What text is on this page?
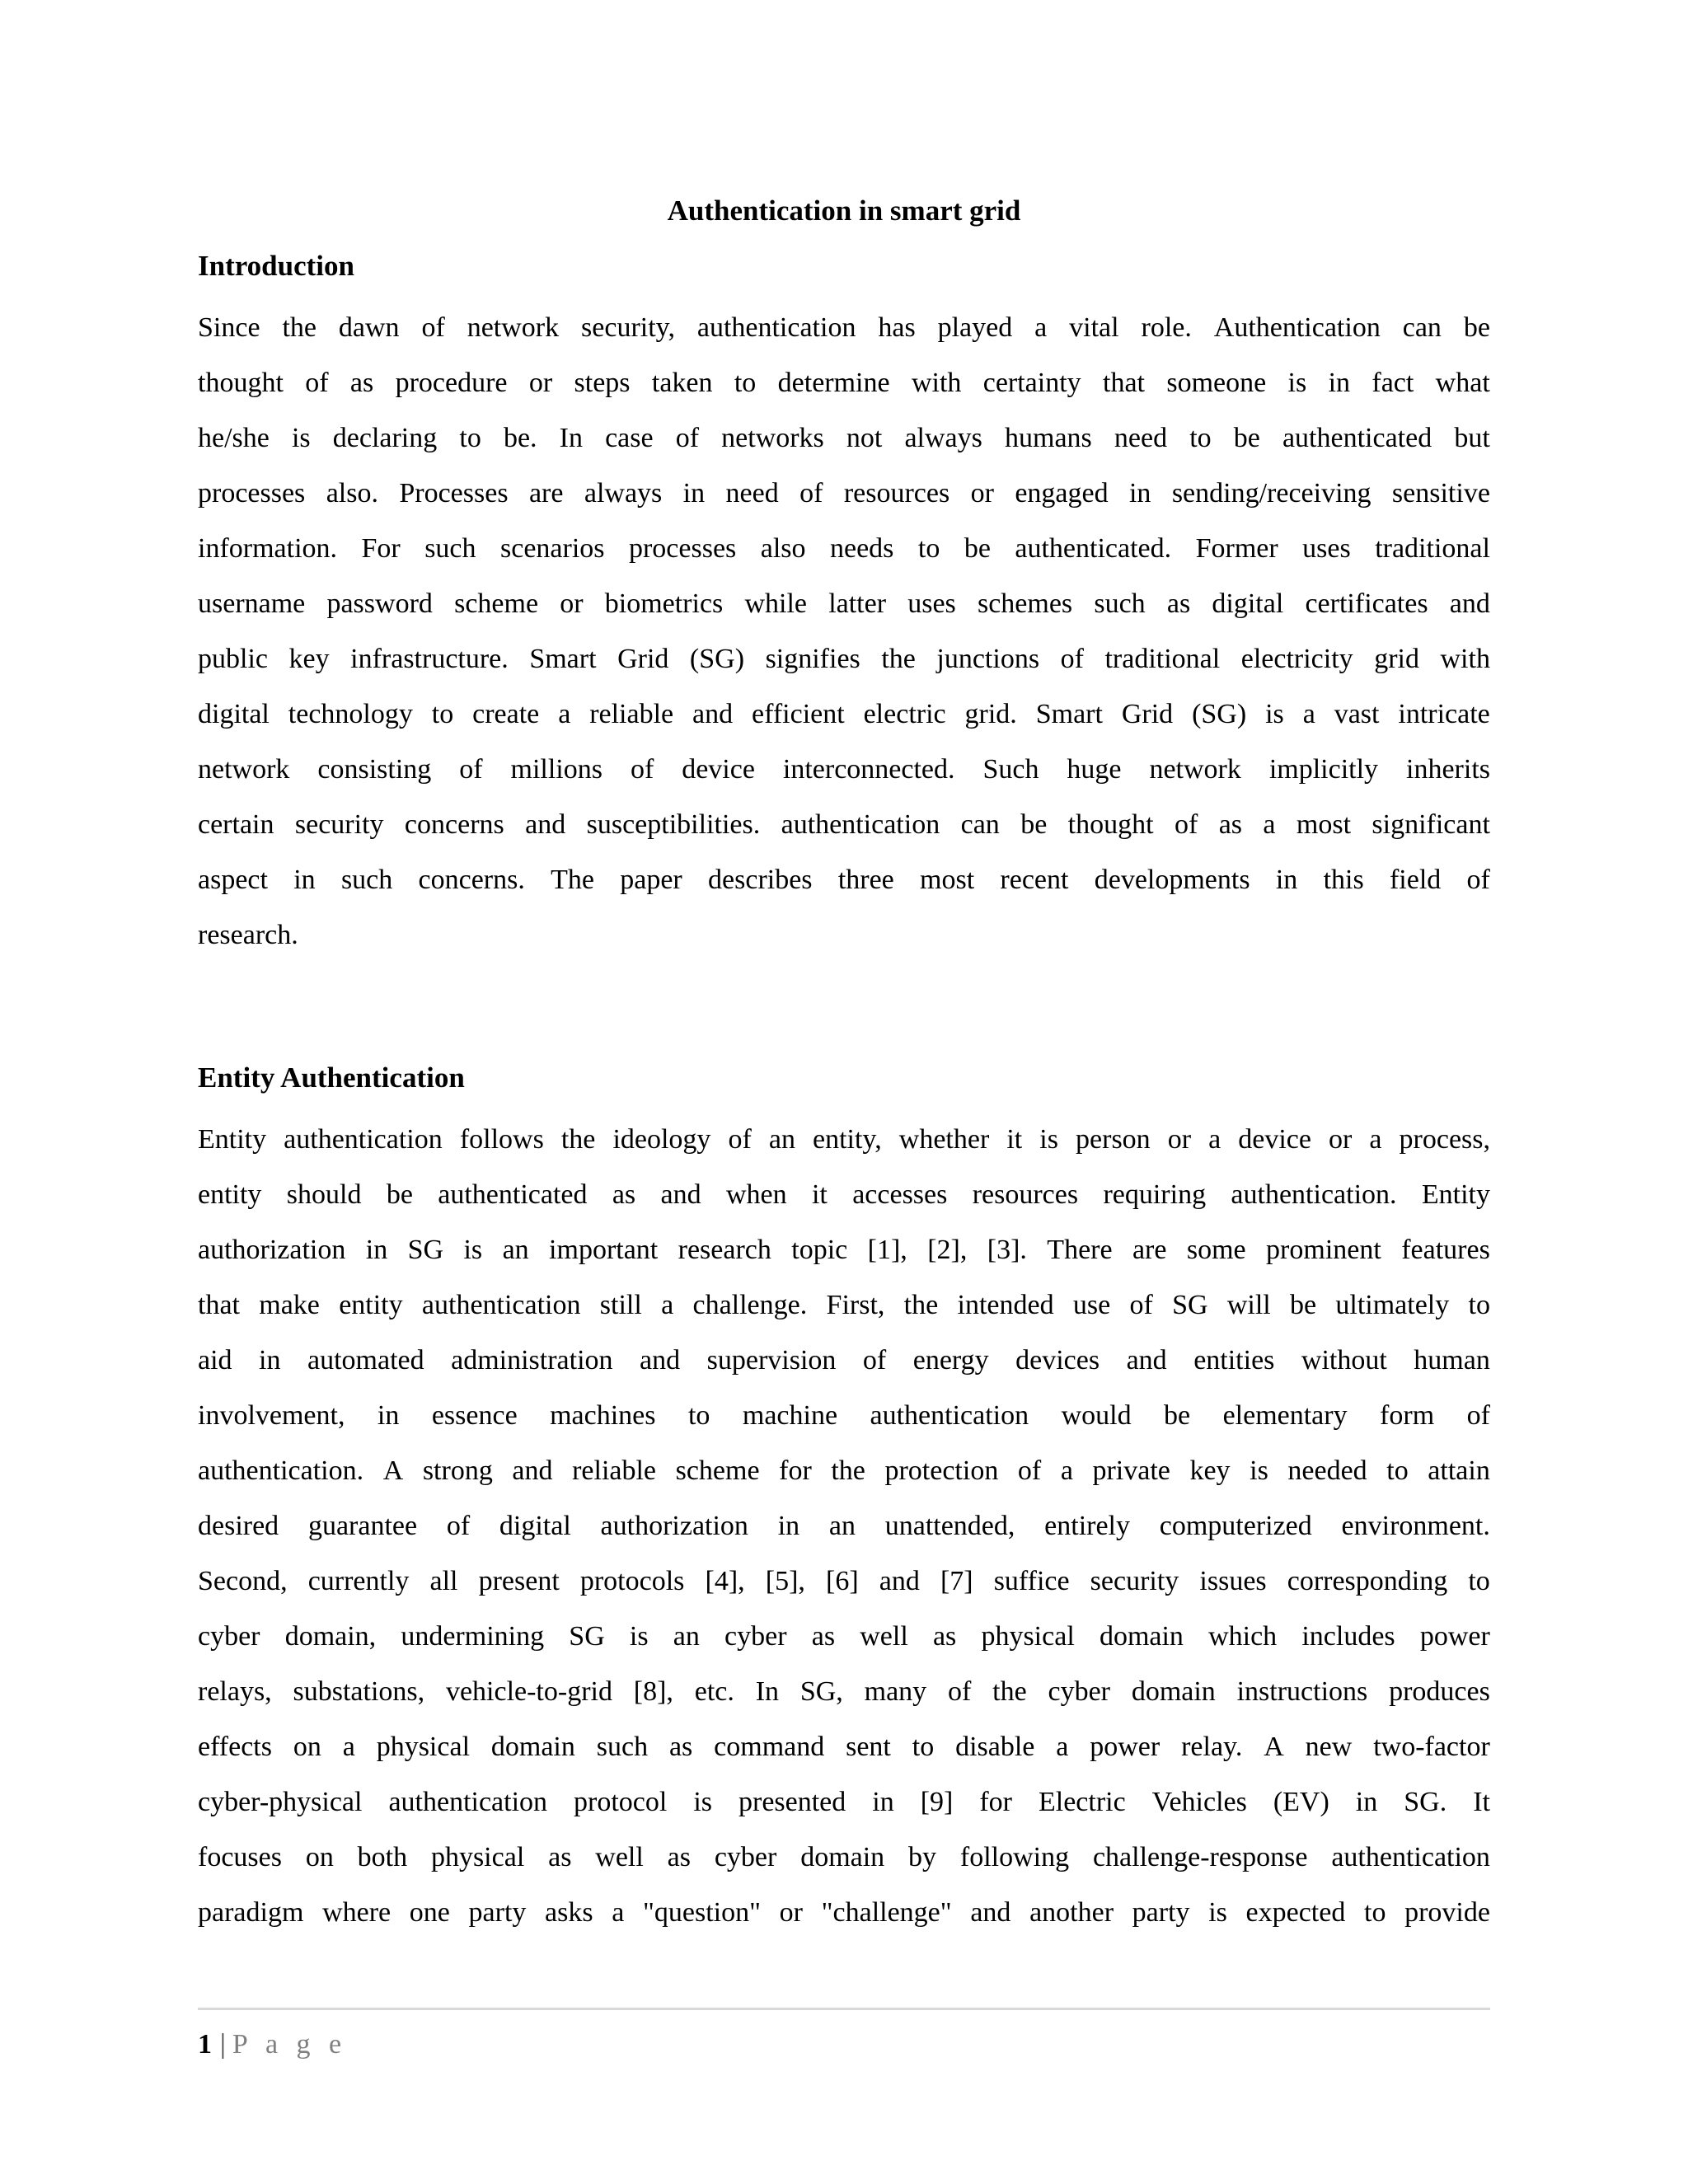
Authentication in smart grid
Introduction
Since the dawn of network security, authentication has played a vital role. Authentication can be
thought of as procedure or steps taken to determine with certainty that someone is in fact what
he/she is declaring to be. In case of networks not always humans need to be authenticated but
processes also. Processes are always in need of resources or engaged in sending/receiving sensitive
information. For such scenarios processes also needs to be authenticated. Former uses traditional
username password scheme or biometrics while latter uses schemes such as digital certificates and
public key infrastructure. Smart Grid (SG) signifies the junctions of traditional electricity grid with
digital technology to create a reliable and efficient electric grid. Smart Grid (SG) is a vast intricate
network consisting of millions of device interconnected. Such huge network implicitly inherits
certain security concerns and susceptibilities. authentication can be thought of as a most significant
aspect in such concerns. The paper describes three most recent developments in this field of
research.
Entity Authentication
Entity authentication follows the ideology of an entity, whether it is person or a device or a process,
entity should be authenticated as and when it accesses resources requiring authentication. Entity
authorization in SG is an important research topic [1], [2], [3]. There are some prominent features
that make entity authentication still a challenge. First, the intended use of SG will be ultimately to
aid in automated administration and supervision of energy devices and entities without human
involvement, in essence machines to machine authentication would be elementary form of
authentication. A strong and reliable scheme for the protection of a private key is needed to attain
desired guarantee of digital authorization in an unattended, entirely computerized environment.
Second, currently all present protocols [4], [5], [6] and [7] suffice security issues corresponding to
cyber domain, undermining SG is an cyber as well as physical domain which includes power
relays, substations, vehicle-to-grid [8], etc. In SG, many of the cyber domain instructions produces
effects on a physical domain such as command sent to disable a power relay. A new two-factor
cyber-physical authentication protocol is presented in [9] for Electric Vehicles (EV) in SG. It
focuses on both physical as well as cyber domain by following challenge-response authentication
paradigm where one party asks a "question" or "challenge" and another party is expected to provide
1 | P a g e
